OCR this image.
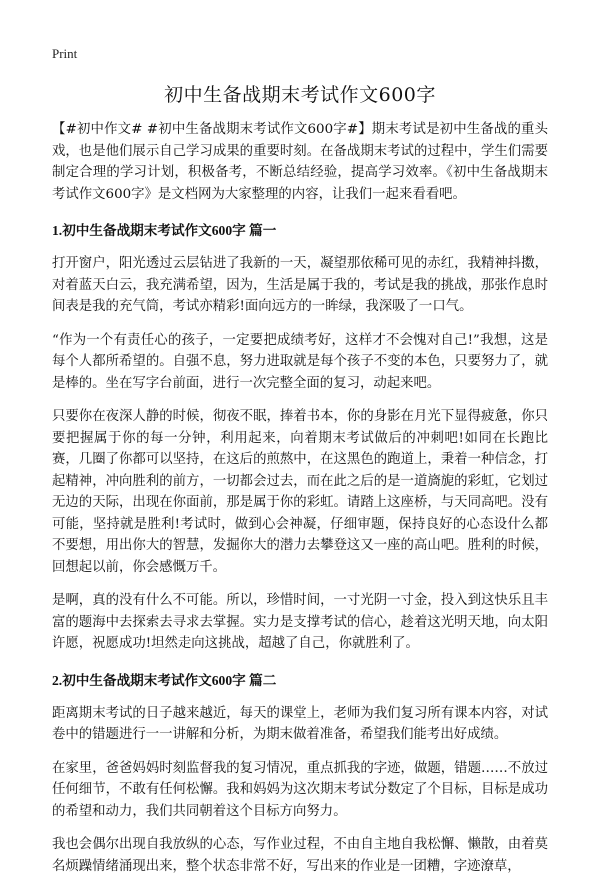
Print
初中生备战期末考试作文600字

【#初中作文# #初中生备战期末考试作文600字#】期末考试是初中生备战的重头戏，也是他们展示自己学习成果的重要时刻。在备战期末考试的过程中，学生们需要制定合理的学习计划，积极备考，不断总结经验，提高学习效率。《初中生备战期末考试作文600字》是文档网为大家整理的内容，让我们一起来看看吧。

1.初中生备战期末考试作文600字 篇一

打开窗户，阳光透过云层钻进了我新的一天，凝望那依稀可见的赤红，我精神抖擞，对着蓝天白云，我充满希望，因为，生活是属于我的，考试是我的挑战，那张作息时间表是我的充气筒，考试亦精彩!面向远方的一眸绿，我深吸了一口气。

“作为一个有责任心的孩子，一定要把成绩考好，这样才不会愧对自己!”我想，这是每个人都所希望的。自强不息，努力进取就是每个孩子不变的本色，只要努力了，就是棒的。坐在写字台前面，进行一次完整全面的复习，动起来吧。

只要你在夜深人静的时候，彻夜不眠，捧着书本，你的身影在月光下显得疲惫，你只要把握属于你的每一分钟，利用起来，向着期末考试做后的冲刺吧!如同在长跑比赛，几圈了你都可以坚持，在这后的煎熬中，在这黑色的跑道上，秉着一种信念，打起精神，冲向胜利的前方，一切都会过去，而在此之后的是一道旖旎的彩虹，它划过无边的天际，出现在你面前，那是属于你的彩虹。请踏上这座桥，与天同高吧。没有可能，坚持就是胜利!考试时，做到心会神凝，仔细审题，保持良好的心态设什么都不要想，用出你大的智慧，发掘你大的潜力去攀登这又一座的高山吧。胜利的时候，回想起以前，你会感慨万千。

是啊，真的没有什么不可能。所以，珍惜时间，一寸光阴一寸金，投入到这快乐且丰富的题海中去探索去寻求去掌握。实力是支撑考试的信心，趁着这光明天地，向太阳许愿，祝愿成功!坦然走向这挑战，超越了自己，你就胜利了。

2.初中生备战期末考试作文600字 篇二

距离期末考试的日子越来越近，每天的课堂上，老师为我们复习所有课本内容，对试卷中的错题进行一一讲解和分析，为期末做着准备，希望我们能考出好成绩。

在家里，爸爸妈妈时刻监督我的复习情况，重点抓我的字迹，做题，错题……不放过任何细节，不敢有任何松懈。我和妈妈为这次期末考试分数定了个目标，目标是成功的希望和动力，我们共同朝着这个目标方向努力。

我也会偶尔出现自我放纵的心态，写作业过程，不由自主地自我松懈、懒散，由着莫名烦躁情绪涌现出来，整个状态非常不好，写出来的作业是一团糟，字迹潦草，
